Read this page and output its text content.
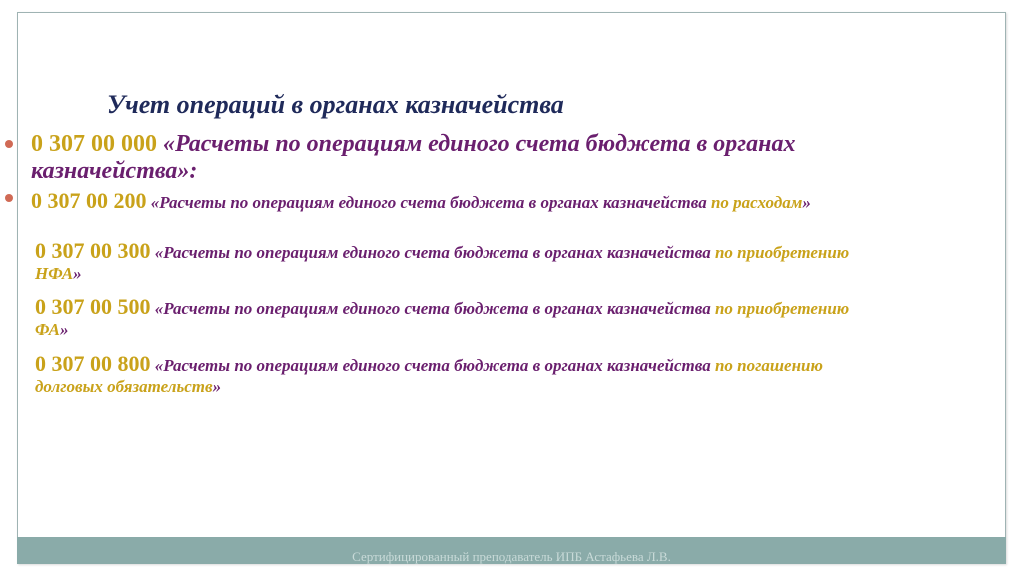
Учет операций в органах казначейства
0 307 00 000 «Расчеты по операциям единого счета бюджета в органах казначейства»:
0 307 00 200 «Расчеты по операциям единого счета бюджета в органах казначейства по расходам»
0 307 00 300 «Расчеты по операциям единого счета бюджета в органах казначейства по приобретению НФА»
0 307 00 500 «Расчеты по операциям единого счета бюджета в органах казначейства по приобретению ФА»
0 307 00 800 «Расчеты по операциям единого счета бюджета в органах казначейства по погашению долговых обязательств»
Сертифицированный преподаватель ИПБ Астафьева Л.В.
